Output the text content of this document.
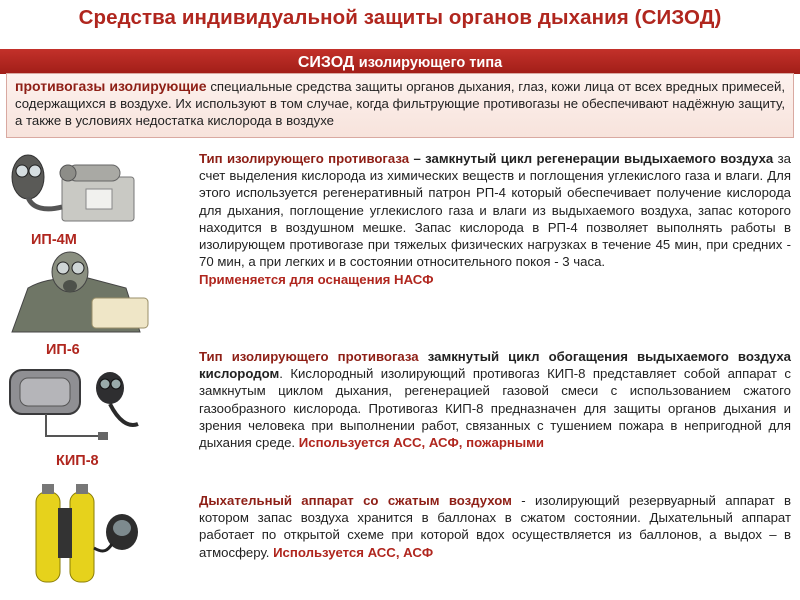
Средства индивидуальной защиты органов дыхания (СИЗОД)
СИЗОД изолирующего типа
противогазы изолирующие специальные средства защиты органов дыхания, глаз, кожи лица от всех вредных примесей, содержащихся в воздухе. Их используют в том случае, когда фильтрующие противогазы не обеспечивают надёжную защиту, а также в условиях недостатка кислорода в воздухе
ИП-4М
ИП-6
КИП-8
Тип изолирующего противогаза – замкнутый цикл регенерации выдыхаемого воздуха за счет выделения кислорода из химических веществ и поглощения углекислого газа и влаги. Для этого используется регенеративный патрон РП-4 который обеспечивает получение кислорода для дыхания, поглощение углекислого газа и влаги из выдыхаемого воздуха, запас которого находится в воздушном мешке. Запас кислорода в РП-4 позволяет выполнять работы в изолирующем противогазе при тяжелых физических нагрузках в течение 45 мин, при средних - 70 мин, а при легких и в состоянии относительного покоя - 3 часа.
Применяется для оснащения НАСФ
Тип изолирующего противогаза замкнутый цикл обогащения выдыхаемого воздуха кислородом. Кислородный изолирующий противогаз КИП-8 представляет собой аппарат с замкнутым циклом дыхания, регенерацией газовой смеси с использованием сжатого газообразного кислорода. Противогаз КИП-8 предназначен для защиты органов дыхания и зрения человека при выполнении работ, связанных с тушением пожара в непригодной для дыхания среде. Используется АСС, АСФ, пожарными
Дыхательный аппарат со сжатым воздухом - изолирующий резервуарный аппарат в котором запас воздуха хранится в баллонах в сжатом состоянии. Дыхательный аппарат работает по открытой схеме при которой вдох осуществляется из баллонов, а выдох – в атмосферу. Используется АСС, АСФ
